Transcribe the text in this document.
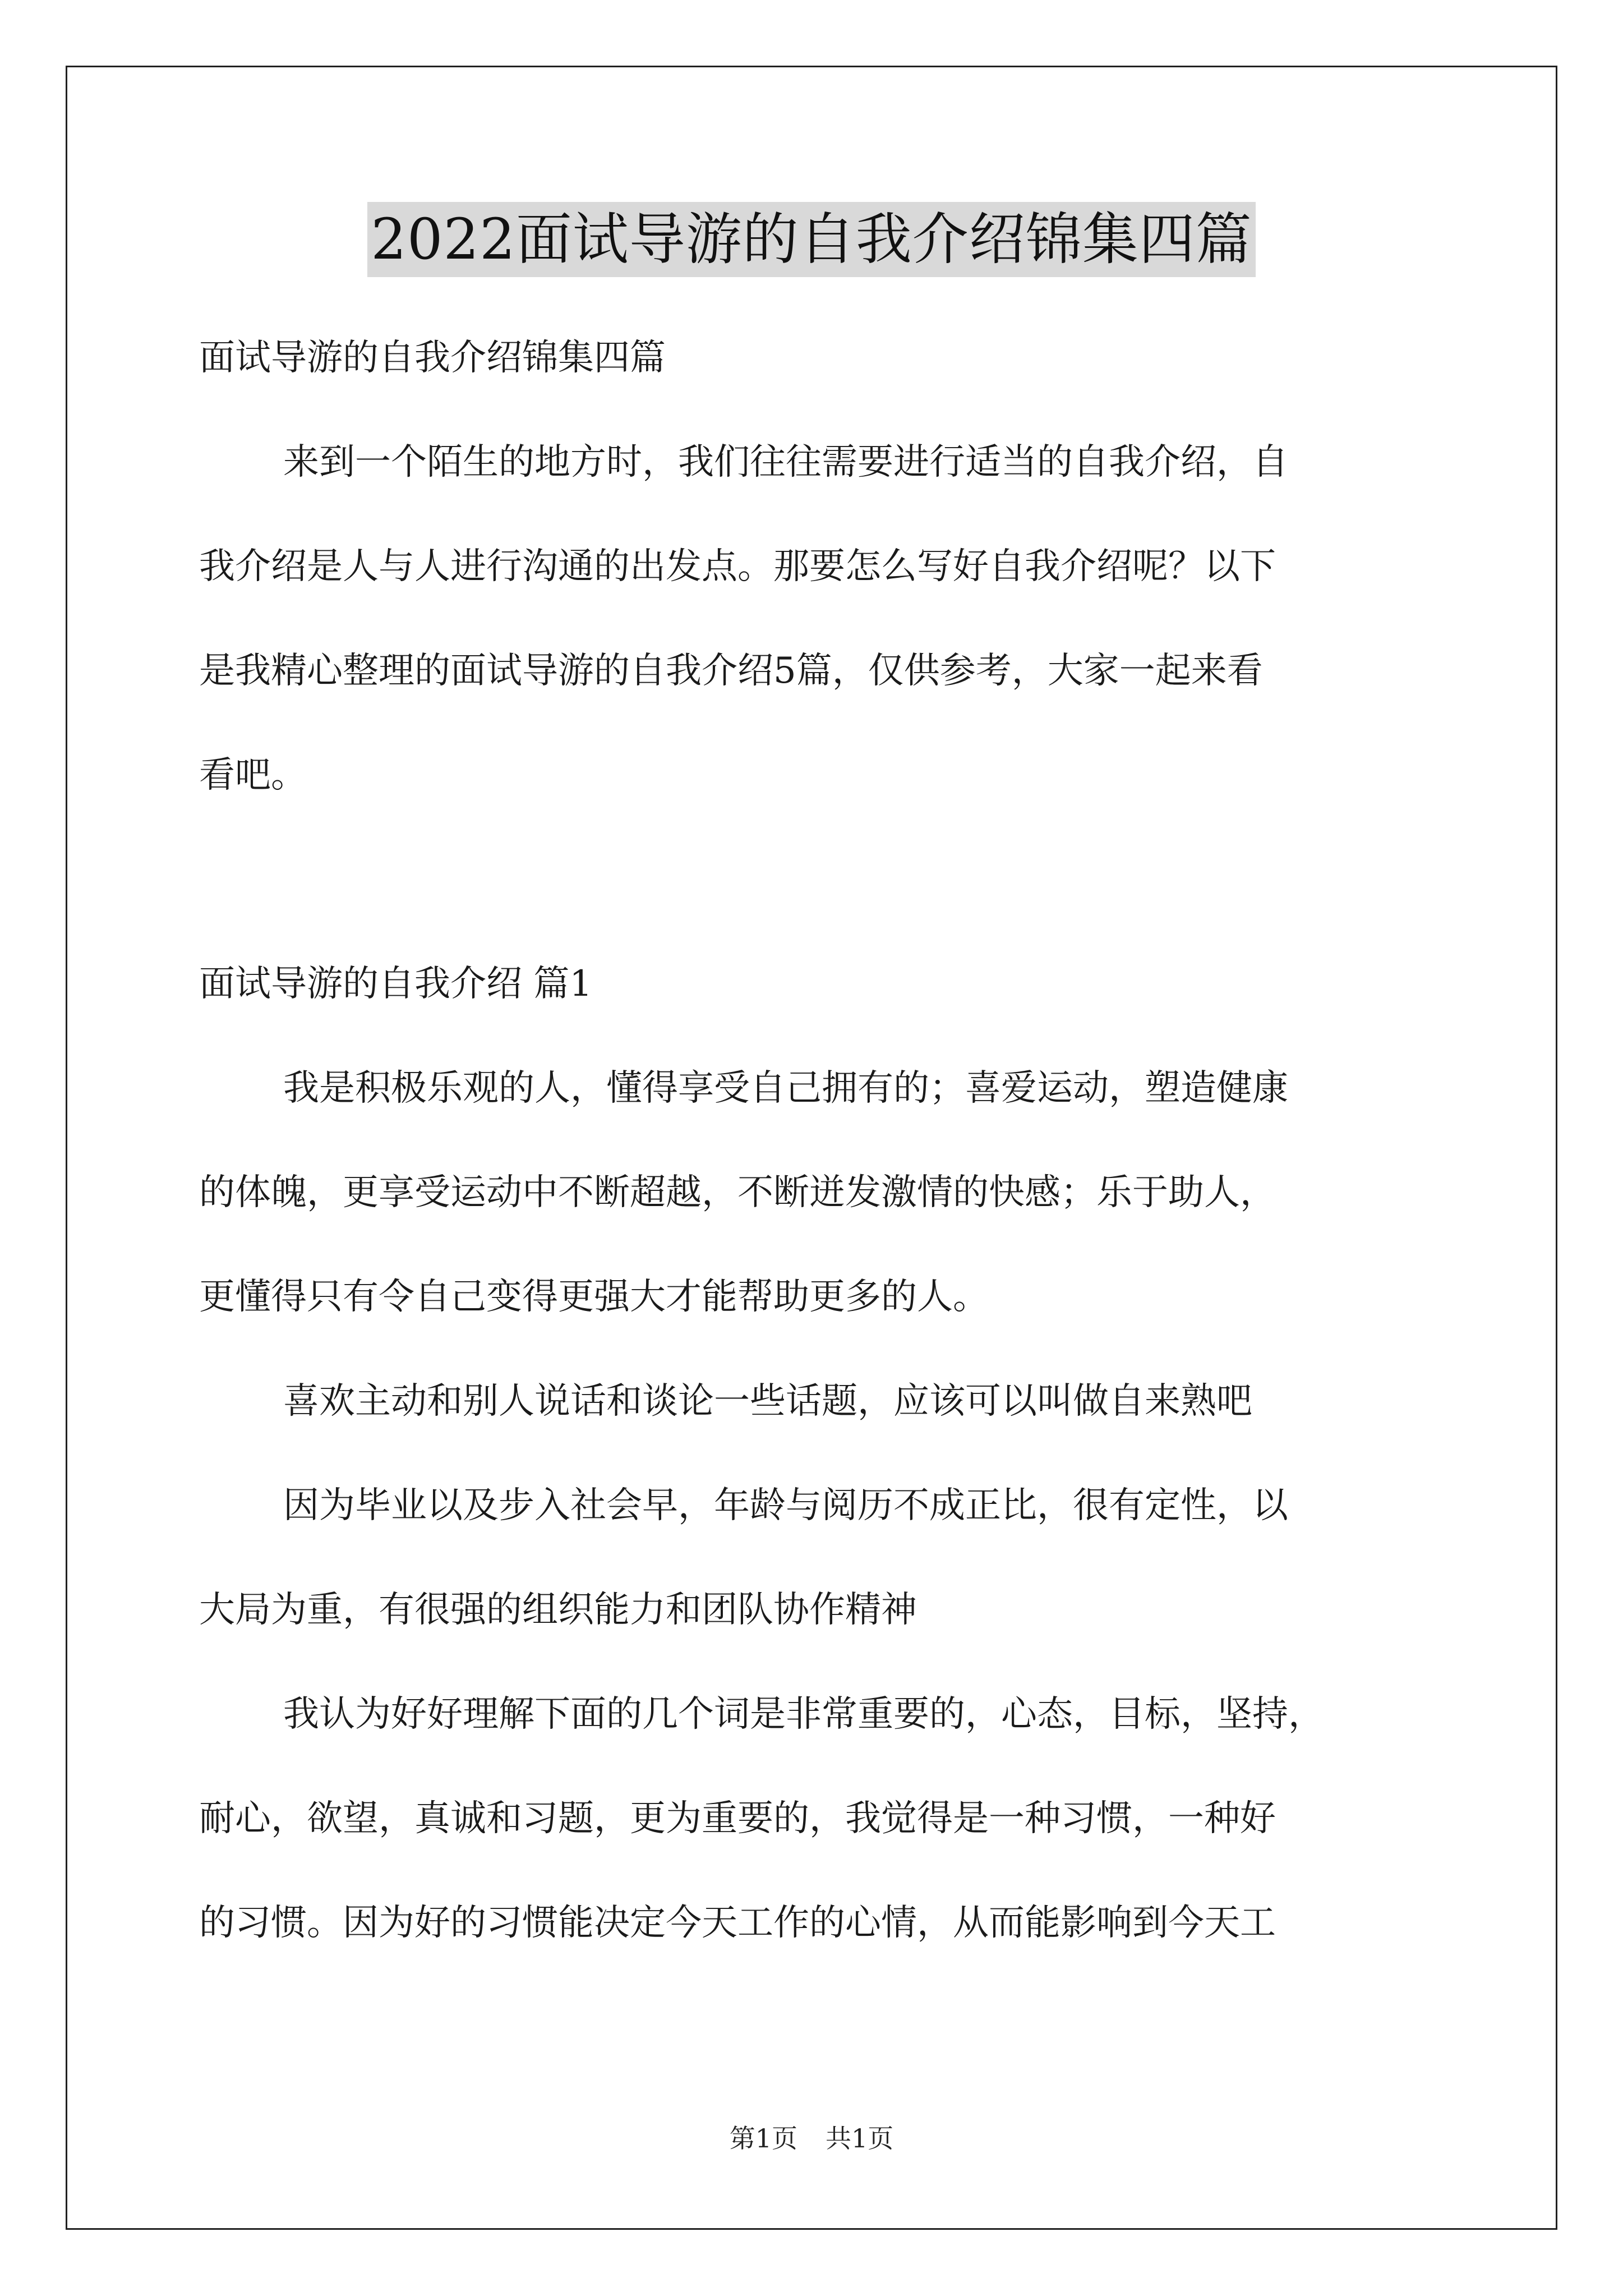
2022面试导游的自我介绍锦集四篇

面试导游的自我介绍锦集四篇

来到一个陌生的地方时，我们往往需要进行适当的自我介绍，自

我介绍是人与人进行沟通的出发点。那要怎么写好自我介绍呢？以下

是我精心整理的面试导游的自我介绍5篇，仅供参考，大家一起来看

看吧。

面试导游的自我介绍 篇1

我是积极乐观的人，懂得享受自己拥有的；喜爱运动，塑造健康

的体魄，更享受运动中不断超越，不断迸发激情的快感；乐于助人，

更懂得只有令自己变得更强大才能帮助更多的人。

喜欢主动和别人说话和谈论一些话题，应该可以叫做自来熟吧

因为毕业以及步入社会早，年龄与阅历不成正比，很有定性，以

大局为重，有很强的组织能力和团队协作精神

我认为好好理解下面的几个词是非常重要的，心态，目标，坚持，

耐心，欲望，真诚和习题，更为重要的，我觉得是一种习惯，一种好

的习惯。因为好的习惯能决定今天工作的心情，从而能影响到今天工

第1页 共1页
